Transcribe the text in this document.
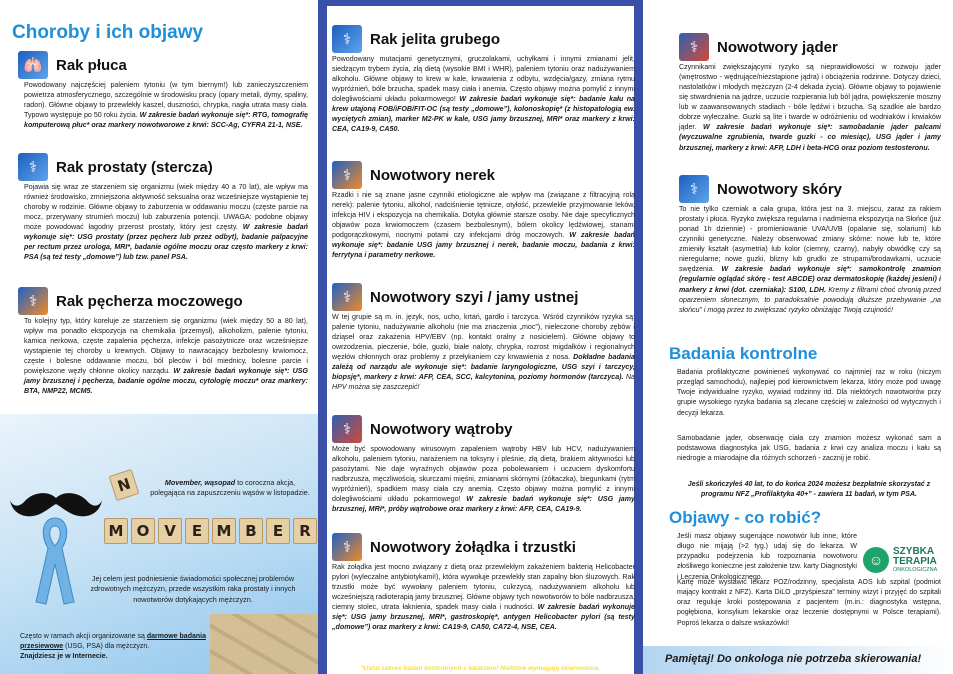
Choroby i ich objawy
🫁 Rak płuca
Powodowany najczęściej paleniem tytoniu (w tym biernym!) lub zanieczyszczeniem powietrza atmosferycznego, szczególnie w środowisku pracy (opary metali, dymy, spaliny, radon). Główne objawy to przewlekły kaszel, duszności, chrypka, nagła utrata masy ciała. Typowo występuje po 50 roku życia. W zakresie badań wykonuje się*: RTG, tomografię komputerową płuc* oraz markery nowotworowe z krwi: SCC-Ag, CYFRA 21-1, NSE.
⚕	Rak prostaty (stercza)
Pojawia się wraz ze starzeniem się organizmu (wiek między 40 a 70 lat), ale wpływ ma również środowisko, zmniejszona aktywność seksualna oraz wcześniejsze wystąpienie tej choroby w rodzinie. Główne objawy to zaburzenia w oddawaniu moczu (częste parcie na mocz, przerywany strumień moczu) lub zaburzenia potencji. UWAGA: podobne objawy może powodować łagodny przerost prostaty, który jest częsty. W zakresie badań wykonuje się*: USG prostaty (przez pęcherz lub przez odbyt), badanie palpacyjne per rectum przez urologa, MRI*, badanie ogólne moczu oraz często markery z krwi: PSA (są też testy „domowe”) lub tzw. panel PSA.
⚕	Rak pęcherza moczowego
To kolejny typ, który koreluje ze starzeniem się organizmu (wiek między 50 a 80 lat), wpływ ma ponadto ekspozycja na chemikalia (przemysł), alkoholizm, palenie tytoniu, kamica nerkowa, częste zapalenia pęcherza, infekcje pasożytnicze oraz wcześniejsze wystąpienie tej choroby u krewnych. Objawy to nawracający bezbolesny krwiomocz, częste i bolesne oddawanie moczu, ból pleców i ból miednicy, bolesne parcie i powiększone węzły chłonne okolicy narządu. W zakresie badań wykonuje się*: USG jamy brzusznej i pęcherza, badanie ogólne moczu, cytologię moczu* oraz markery: BTA, NMP22, MCM5.
N
M O V	E M B	E	R
Movember, wąsopad to coroczna akcja, polegająca na zapuszczeniu wąsów w listopadzie.
Jej celem jest podniesienie świadomości społecznej problemów zdrowotnych mężczyzn, przede wszystkim raka prostaty i innych nowotworów dotykających mężczyzn.
Często w ramach akcji organizowane są darmowe badania przesiewowe (USG, PSA) dla mężczyzn.
Znajdziesz je w Internecie.
⚕	Rak jelita grubego
Powodowany mutacjami genetycznymi, gruczolakami, uchyłkami i innymi zmianami jelit, siedzącym trybem życia, złą dietą (wysokie BMI i WHR), paleniem tytoniu oraz nadużywaniem alkoholu. Główne objawy to krew w kale, krwawienia z odbytu, wzdęcia/gazy, zmiana rytmu wypróżnień, bóle brzucha, spadek masy ciała i anemia. Często objawy można pomylić z innymi dolegliwościami układu pokarmowego! W zakresie badań wykonuje się*: badanie kału na krew utajoną FOB/iFOB/FIT-OC (są testy „domowe”), kolonoskopię* (z histopatologią ew. wyciętych zmian), marker M2-PK w kale, USG jamy brzusznej, MRI* oraz markery z krwi: CEA, CA19-9, CA50.
⚕	Nowotwory nerek
Rzadki i nie są znane jasne czynniki etiologiczne ale wpływ ma (związane z filtracyjną rolą nerek): palenie tytoniu, alkohol, nadciśnienie tętnicze, otyłość, przewlekłe przyjmowanie leków, infekcja HIV i ekspozycja na chemikalia. Dotyka głównie starsze osoby. Nie daje specyficznych objawów poza krwiomoczem (czasem bezbolesnym), bólem okolicy lędźwiowej, stanami podgorączkowymi, nocnymi potami czy infekcjami dróg moczowych. W zakresie badań wykonuje się*: badanie USG jamy brzusznej i nerek, badanie moczu, badania z krwi: ferrytyna i parametry nerkowe.
⚕	Nowotwory szyi / jamy ustnej
W tej grupie są m. in. język, nos, ucho, krtań, gardło i tarczyca. Wśród czynników ryzyka są: palenie tytoniu, nadużywanie alkoholu (nie ma znaczenia „moc”), nieleczone choroby zębów i dziąseł oraz zakażenia HPV/EBV (np. kontakt oralny z nosicielem). Główne objawy to owrzodzenia, pieczenie, bóle, guzki, białe naloty, chrypka, rozrost migdałków i regionalnych węzłów chłonnych oraz problemy z przełykaniem czy krwawienia z nosa. Dokładne badania zależą od narządu ale wykonuje się*: badanie laryngologiczne, USG szyi i tarczycy, biopsję*, markery z krwi: AFP, CEA, SCC, kalcytonina, poziomy hormonów (tarczyca). Na HPV można się zaszczepić!
⚕	Nowotwory wątroby
Może być spowodowany wirusowym zapaleniem wątroby HBV lub HCV, nadużywaniem alkoholu, paleniem tytoniu, narażeniem na toksyny i pleśnie, złą dietą, brakiem aktywności lub pasożytami. Nie daje wyraźnych objawów poza pobolewaniem i uczuciem dyskomfortu nadbrzusza, męczliwością, skurczami mięśni, zmianami skórnymi (żółtaczka), biegunkami (rytm wypróżnień), spadkiem masy ciała czy anemią. Często objawy można pomylić z innymi dolegliwościami układu pokarmowego! W zakresie badań wykonuje się*: USG jamy brzusznej, MRI*, próby wątrobowe oraz markery z krwi: AFP, CEA, CA19-9.
⚕	Nowotwory żołądka i trzustki
Rak żołądka jest mocno związany z dietą oraz przewlekłym zakażeniem bakterią Helicobacter pylori (wyleczalne antybiotykami!), która wywołuje przewlekły stan zapalny błon śluzowych. Rak trzustki może być wywołany paleniem tytoniu, cukrzycą, nadużywaniem alkoholu lub wcześniejszą radioterapią jamy brzusznej. Główne objawy tych nowotworów to bóle nadbrzusza, ciemny stolec, utrata łaknienia, spadek masy ciała i nudności. W zakresie badań wykonuje się*: USG jamy brzusznej, MRI*, gastroskopię*, antygen Helicobacter pylori (są testy „domowe”) oraz markery z krwi: CA19-9, CA50, CA72-4, NSE, CEA.
*Ustal zakres badań kontrolnych z lekarzem! Niektóre wymagają skierowania.
⚕	Nowotwory jąder
Czynnikami zwiększającymi ryzyko są nieprawidłowości w rozwoju jąder (wnętrostwo - wędrujące/niezstąpione jądra) i obciążenia rodzinne. Dotyczy dzieci, nastolatków i młodych mężczyzn (2-4 dekada życia). Główne objawy to pojawienie się stwardnienia na jądrze, uczucie rozpierania lub ból jądra, powiększenie moszny lub w zaawansowanych stadiach - bóle lędźwi i brzucha. Są szadkie ale bardzo dobrze wyleczalne. Guzki są lite i twarde w odróżnieniu od wodniaków i krwiaków jąder. W zakresie badań wykonuje się*: samobadanie jąder palcami (wyczuwalne zgrubienia, twarde guzki - co miesiąc), USG jąder i jamy brzusznej, markery z krwi: AFP, LDH i beta-HCG oraz poziom testosteronu.
⚕	Nowotwory skóry
To nie tylko czerniak a cała grupa, która jest na 3. miejscu, zaraz za rakiem prostaty i płuca. Ryzyko zwiększa regularna i nadmierna ekspozycja na Słońce (już ponad 1h dziennie) - promieniowanie UVA/UVB (opalanie się, solarium) lub czynniki genetyczne. Należy obserwować zmiany skórne: nowe lub te, które zmieniły kształt (asymetria) lub kolor (ciemny, czarny), nabyły obwódkę czy są nieregularne; nowe guzki, blizny lub grudki ze strupami/brodawkami, uczucie swędzenia. W zakresie badań wykonuje się*: samokontrolę znamion (regularnie oglądać skórę - test ABCDE) oraz dermatoskopię (każdej jesieni) i markery z krwi (dot. czerniaka): S100, LDH. Kremy z filtrami choć chronią przed oparzeniem słonecznym, to paradoksalnie powodują dłuższe przebywanie „na słońcu” i mogą przez to zwiększać ryzyko obniżając Twoją czujność!
Badania kontrolne
Badania profilaktyczne powinieneś wykonywać co najmniej raz w roku (niczym przegląd samochodu), najlepiej pod kierownictwem lekarza, który może pod uwagę Twoje indywidualne ryzyko, wywiad rodzinny itd. Dla niektórych nowotworów przy grupie wysokiego ryzyka badania są zlecane częściej w zależności od wytycznych i decyzji lekarza.
Samobadanie jąder, obserwację ciała czy znamion możesz wykonać sam a podstawowa diagnostyka jak USG, badania z krwi czy analiza moczu i kału są niedrogie a miarodajne dla różnych schorzeń - zacznij je robić.
Jeśli skończyłeś 40 lat, to do końca 2024 możesz bezpłatnie skorzystać z programu NFZ „Profilaktyka 40+” - zawiera 11 badań, w tym PSA.
Objawy - co robić?
Jeśli masz objawy sugerujące nowotwór lub inne, które długo nie mijają (>2 tyg.) udaj się do lekarza. W przypadku podejrzenia lub rozpoznania nowotworu złośliwego konieczne jest założenie tzw. karty Diagnostyki i Leczenia Onkologicznego.
Kartę może wystawić lekarz POZ/rodzinny, specjalista AOS lub szpital (podmiot mający kontrakt z NFZ). Karta DiLO „przyśpiesza” terminy wizyt i przyjęć do szpitali oraz reguluje kroki postępowania z pacjentem (m.in.: diagnostyka wstępna, pogłębiona, konsylium lekarskie oraz leczenie dostępnymi w Polsce terapiami). Poproś lekarza o dalsze wskazówki!
☺
SZYBKA
TERAPIA
ONKOLOGICZNA
Pamiętaj! Do onkologa nie potrzeba skierowania!
